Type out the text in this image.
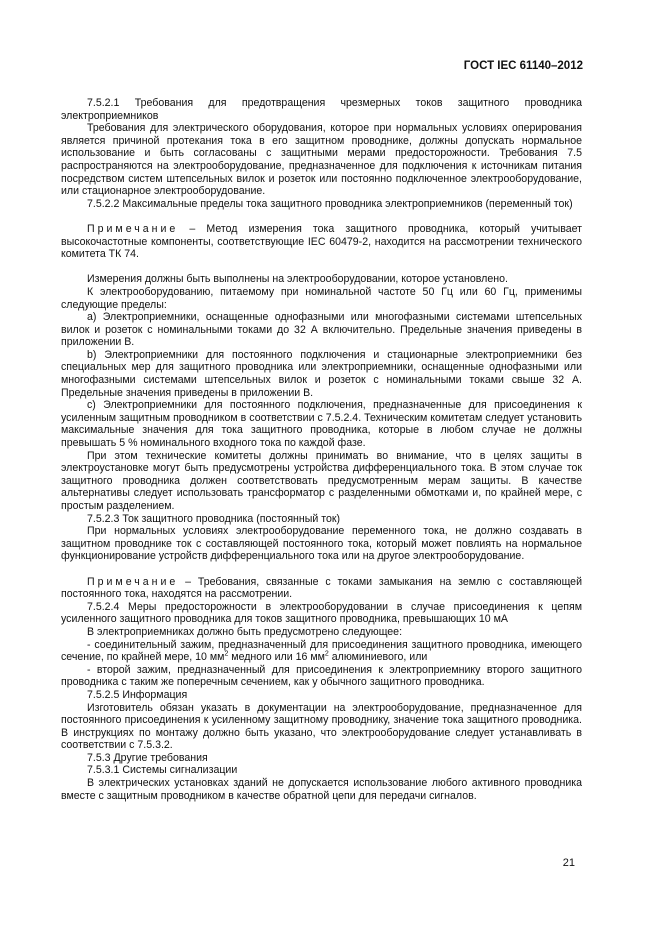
ГОСТ IEC 61140–2012

7.5.2.1 Требования для предотвращения чрезмерных токов защитного проводника электроприемников

Требования для электрического оборудования, которое при нормальных условиях оперирования является причиной протекания тока в его защитном проводнике, должны допускать нормальное использование и быть согласованы с защитными мерами предосторожности. Требования 7.5 распространяются на электрооборудование, предназначенное для подключения к источникам питания посредством систем штепсельных вилок и розеток или постоянно подключенное электрооборудование, или стационарное электрооборудование.

7.5.2.2 Максимальные пределы тока защитного проводника электроприемников (переменный ток)

Примечание – Метод измерения тока защитного проводника, который учитывает высокочастотные компоненты, соответствующие IEC 60479-2, находится на рассмотрении технического комитета ТК 74.

Измерения должны быть выполнены на электрооборудовании, которое установлено.

К электрооборудованию, питаемому при номинальной частоте 50 Гц или 60 Гц, применимы следующие пределы:

а) Электроприемники, оснащенные однофазными или многофазными системами штепсельных вилок и розеток с номинальными токами до 32 А включительно. Предельные значения приведены в приложении В.

b) Электроприемники для постоянного подключения и стационарные электроприемники без специальных мер для защитного проводника или электроприемники, оснащенные однофазными или многофазными системами штепсельных вилок и розеток с номинальными токами свыше 32 А. Предельные значения приведены в приложении В.

с) Электроприемники для постоянного подключения, предназначенные для присоединения к усиленным защитным проводником в соответствии с 7.5.2.4. Техническим комитетам следует установить максимальные значения для тока защитного проводника, которые в любом случае не должны превышать 5 % номинального входного тока по каждой фазе.

При этом технические комитеты должны принимать во внимание, что в целях защиты в электроустановке могут быть предусмотрены устройства дифференциального тока. В этом случае ток защитного проводника должен соответствовать предусмотренным мерам защиты. В качестве альтернативы следует использовать трансформатор с разделенными обмотками и, по крайней мере, с простым разделением.

7.5.2.3 Ток защитного проводника (постоянный ток)

При нормальных условиях электрооборудование переменного тока, не должно создавать в защитном проводнике ток с составляющей постоянного тока, который может повлиять на нормальное функционирование устройств дифференциального тока или на другое электрооборудование.

Примечание – Требования, связанные с токами замыкания на землю с составляющей постоянного тока, находятся на рассмотрении.

7.5.2.4 Меры предосторожности в электрооборудовании в случае присоединения к цепям усиленного защитного проводника для токов защитного проводника, превышающих 10 мА

В электроприемниках должно быть предусмотрено следующее:

- соединительный зажим, предназначенный для присоединения защитного проводника, имеющего сечение, по крайней мере, 10 $мм^2$ медного или 16 $мм^2$ алюминиевого, или

- второй зажим, предназначенный для присоединения к электроприемнику второго защитного проводника с таким же поперечным сечением, как у обычного защитного проводника.

7.5.2.5 Информация

Изготовитель обязан указать в документации на электрооборудование, предназначенное для постоянного присоединения к усиленному защитному проводнику, значение тока защитного проводника. В инструкциях по монтажу должно быть указано, что электрооборудование следует устанавливать в соответствии с 7.5.3.2.

7.5.3 Другие требования

7.5.3.1 Системы сигнализации

В электрических установках зданий не допускается использование любого активного проводника вместе с защитным проводником в качестве обратной цепи для передачи сигналов.

21
